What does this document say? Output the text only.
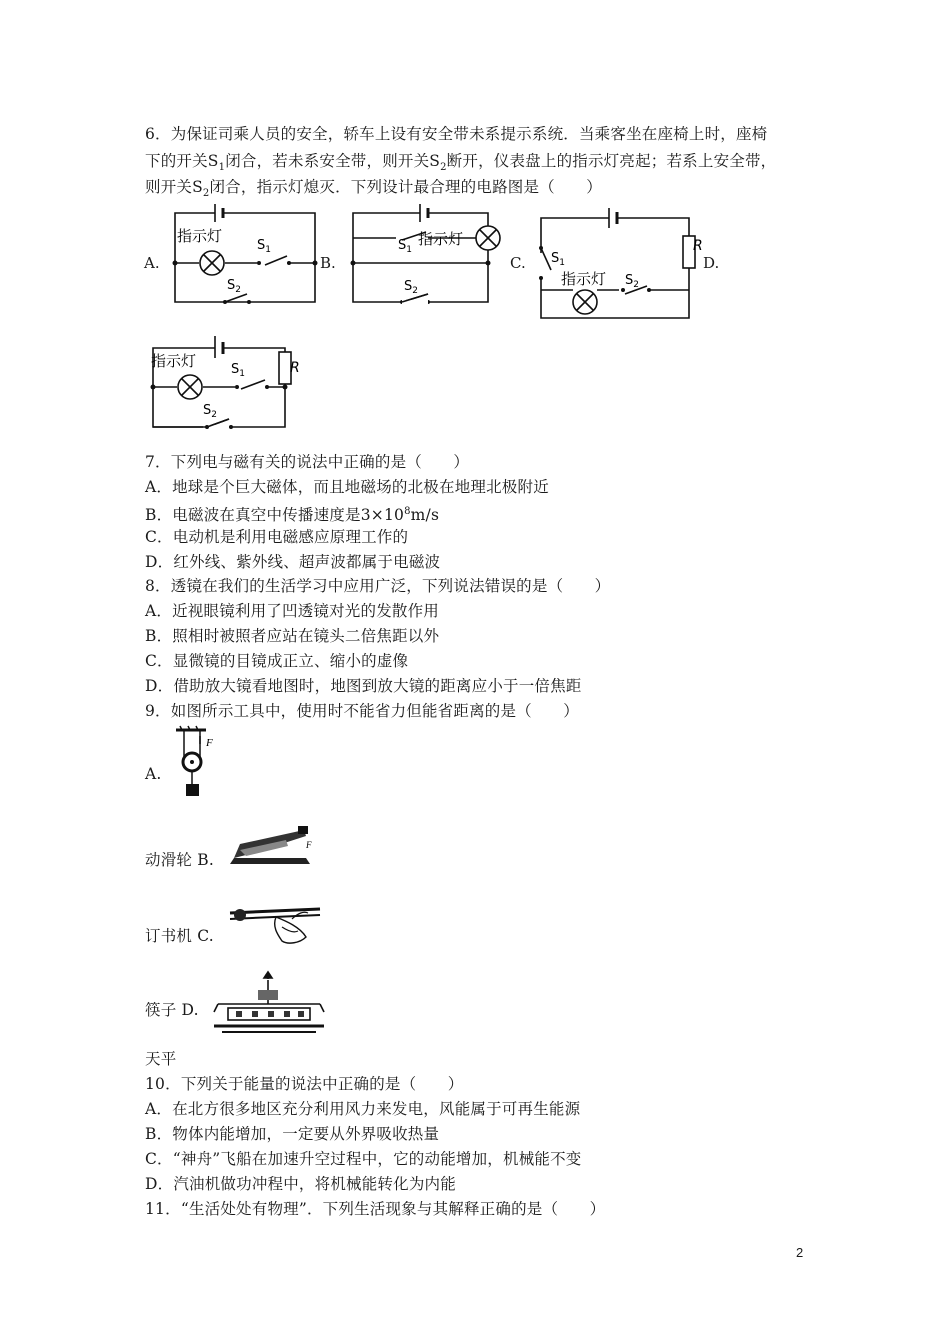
6．为保证司乘人员的安全，轿车上设有安全带未系提示系统．当乘客坐在座椅上时，座椅
下的开关$S_1$闭合，若未系安全带，则开关$S_2$断开，仪表盘上的指示灯亮起；若系上安全带，
则开关$S_2$闭合，指示灯熄灭．下列设计最合理的电路图是（　　）
A.	B.	C.	D.
指示灯
$S_1$
$S_2$
$S_1$
指示灯
$S_2$
$S_1$
R
指示灯 $S_2$
指示灯	$S_1$	R
$S_2$
7．下列电与磁有关的说法中正确的是（　　）
A．地球是个巨大磁体，而且地磁场的北极在地理北极附近
B．电磁波在真空中传播速度是$3\times 10^8m/s$
C．电动机是利用电磁感应原理工作的
D．红外线、紫外线、超声波都属于电磁波
8．透镜在我们的生活学习中应用广泛，下列说法错误的是（　　）
A．近视眼镜利用了凹透镜对光的发散作用
B．照相时被照者应站在镜头二倍焦距以外
C．显微镜的目镜成正立、缩小的虚像
D．借助放大镜看地图时，地图到放大镜的距离应小于一倍焦距
9．如图所示工具中，使用时不能省力但能省距离的是（　　）
A.
动滑轮 B.
订书机 C.
筷子 D.
天平
F
F
10．下列关于能量的说法中正确的是（　　）
A．在北方很多地区充分利用风力来发电，风能属于可再生能源
B．物体内能增加，一定要从外界吸收热量
C．“神舟”飞船在加速升空过程中，它的动能增加，机械能不变
D．汽油机做功冲程中，将机械能转化为内能
11．“生活处处有物理”．下列生活现象与其解释正确的是（　　）
2
